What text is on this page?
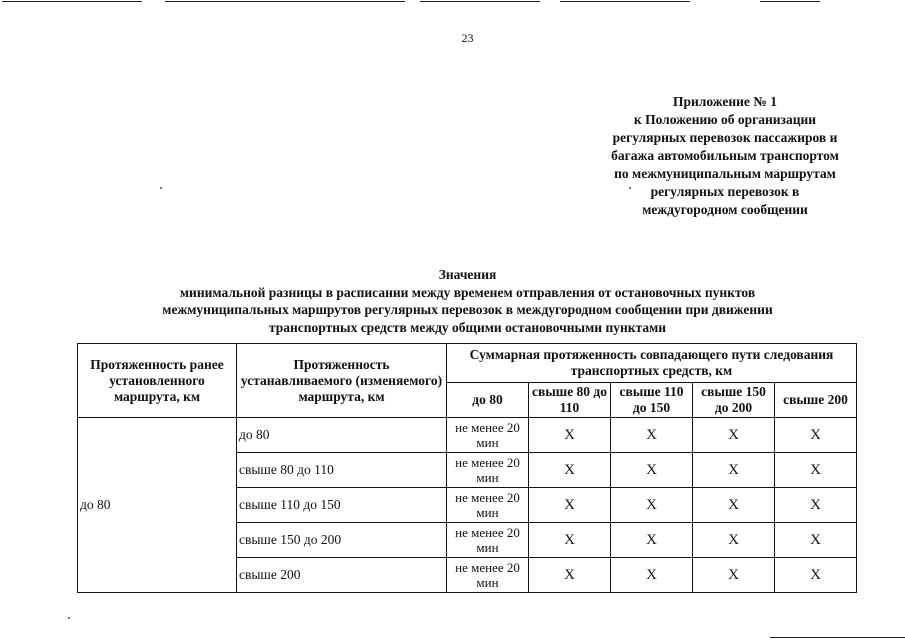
23
Приложение № 1
к Положению об организации
регулярных перевозок пассажиров и
багажа автомобильным транспортом
по межмуниципальным маршрутам
регулярных перевозок в
междугородном сообщении
Значения
минимальной разницы в расписании между временем отправления от остановочных пунктов
межмуниципальных маршрутов регулярных перевозок в междугородном сообщении при движении
транспортных средств между общими остановочными пунктами
Протяженность ранее установленного маршрута, км	Протяженность устанавливаемого (изменяемого) маршрута, км	Суммарная протяженность совпадающего пути следования транспортных средств, км				
		до 80	свыше 80 до 110	свыше 110 до 150	свыше 150 до 200	свыше 200
до 80	до 80	не менее 20 мин	X	X	X	X
	свыше 80 до 110	не менее 20 мин	X	X	X	X
	свыше 110 до 150	не менее 20 мин	X	X	X	X
	свыше 150 до 200	не менее 20 мин	X	X	X	X
	свыше 200	не менее 20 мин	X	X	X	X
